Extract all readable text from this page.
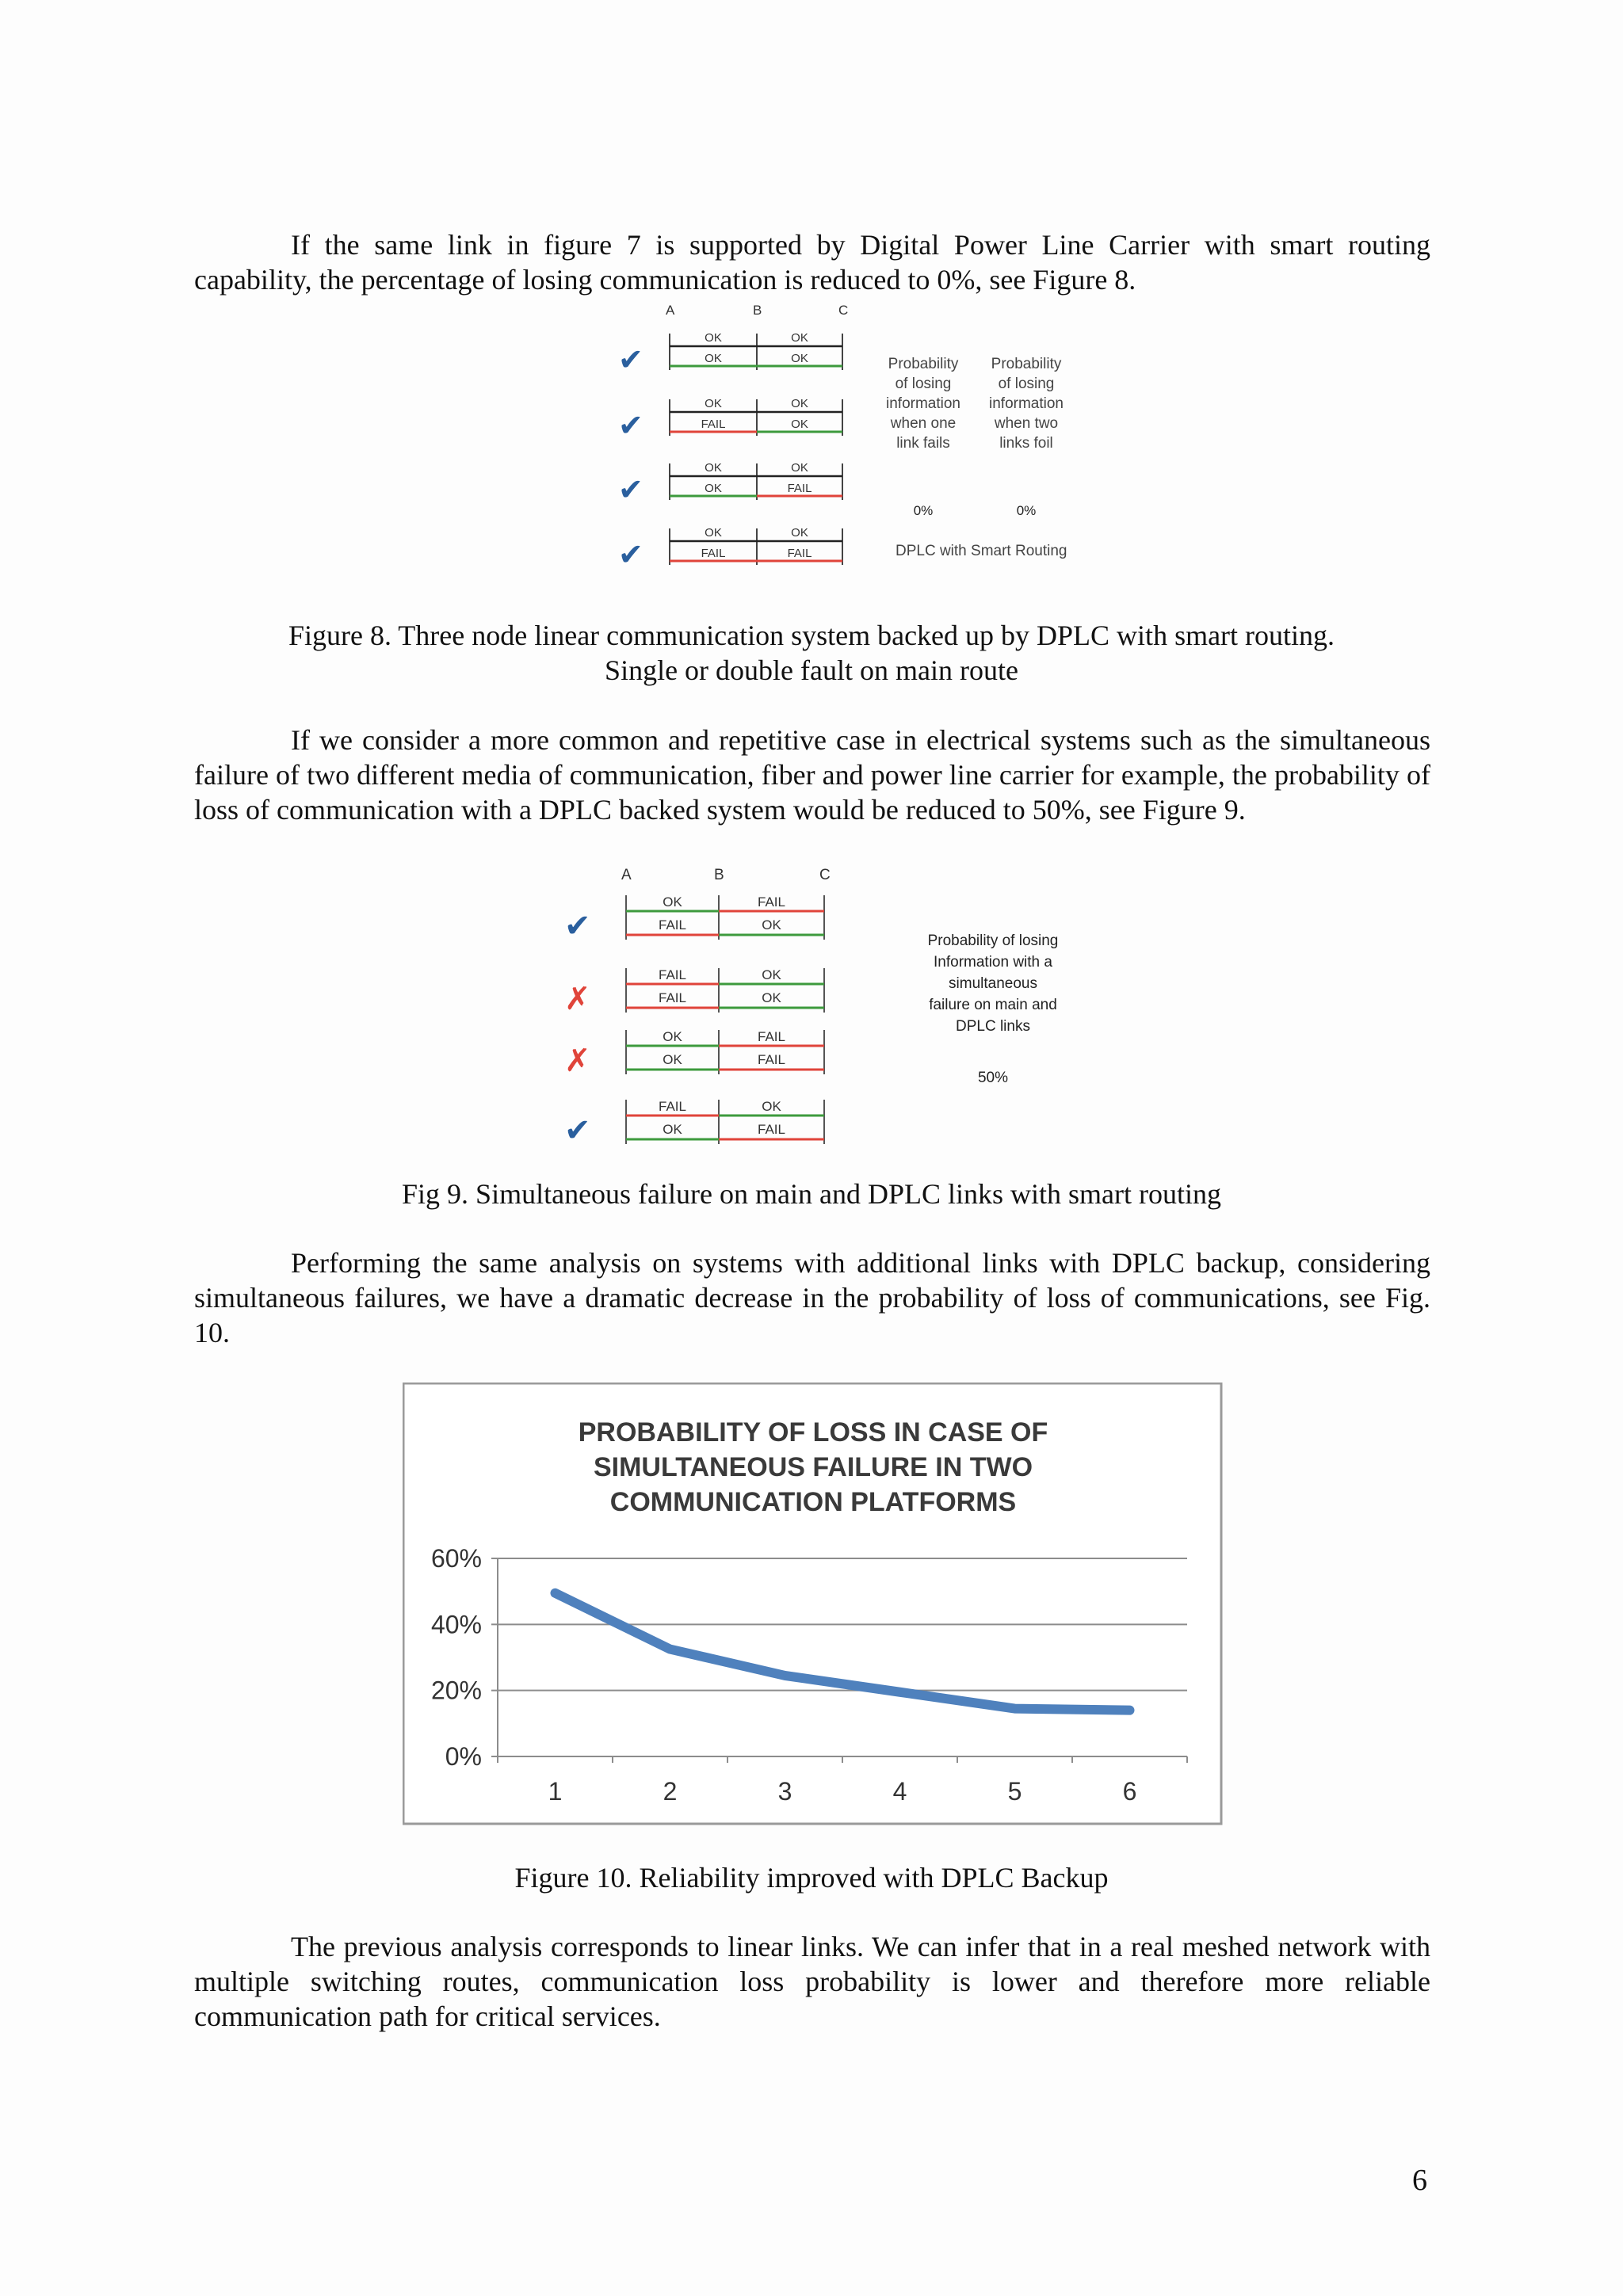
If the same link in figure 7 is supported by Digital Power Line Carrier with smart routing capability, the percentage of losing communication is reduced to 0%, see Figure 8.

A	B	C
✔
OK
OK
OK
OK
✔
OK
FAIL
OK
OK
✔
OK
OK
OK
FAIL
✔
OK
FAIL
OK
FAIL
Probability
of losing
information
when one
link fails
Probability
of losing
information
when two
links foil
0%	0%
DPLC with Smart Routing

Figure 8. Three node linear communication system backed up by DPLC with smart routing.

Single or double fault on main route

If we consider a more common and repetitive case in electrical systems such as the simultaneous failure of two different media of communication, fiber and power line carrier for example, the probability of loss of communication with a DPLC backed system would be reduced to 50%, see Figure 9.

A	B	C
✔
OK
FAIL
FAIL
OK
✗
FAIL
FAIL
OK
OK
✗
OK
OK
FAIL
FAIL
✔
FAIL
OK
OK
FAIL
Probability of losing
Information with a
simultaneous
failure on main and
DPLC links
50%

Fig 9. Simultaneous failure on main and DPLC links with smart routing

Performing the same analysis on systems with additional links with DPLC backup, considering simultaneous failures, we have a dramatic decrease in the probability of loss of communications, see Fig. 10.

PROBABILITY OF LOSS IN CASE OF
SIMULTANEOUS FAILURE IN TWO
COMMUNICATION PLATFORMS
0%
20%
40%
60%
1	2	3	4	5	6

Figure 10. Reliability improved with DPLC Backup

The previous analysis corresponds to linear links. We can infer that in a real meshed network with multiple switching routes, communication loss probability is lower and therefore more reliable communication path for critical services.

6
